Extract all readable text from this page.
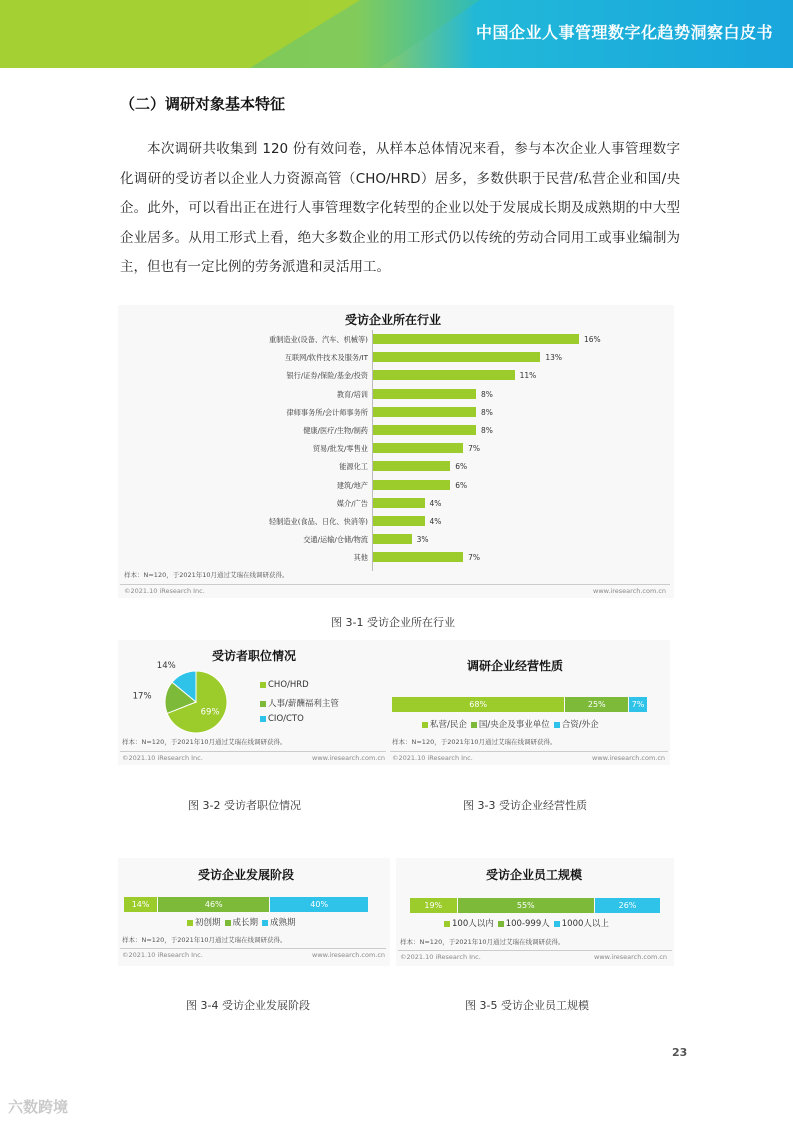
中国企业人事管理数字化趋势洞察白皮书
（二）调研对象基本特征

本次调研共收集到 120 份有效问卷，从样本总体情况来看，参与本次企业人事管理数字化调研的受访者以企业人力资源高管（CHO/HRD）居多，多数供职于民营/私营企业和国/央企。此外，可以看出正在进行人事管理数字化转型的企业以处于发展成长期及成熟期的中大型企业居多。从用工形式上看，绝大多数企业的用工形式仍以传统的劳动合同用工或事业编制为主，但也有一定比例的劳务派遣和灵活用工。

受访企业所在行业
重制造业(设备、汽车、机械等)	16%
互联网/软件技术及服务/IT	13%
银行/证券/保险/基金/投资	11%
教育/培训	8%
律师事务所/会计师事务所	8%
健康/医疗/生物/制药	8%
贸易/批发/零售业	7%
能源化工	6%
建筑/地产	6%
媒介/广告	4%
轻制造业(食品、日化、快消等)	4%
交通/运输/仓储/物流	3%
其他	7%
样本：N=120，于2021年10月通过艾瑞在线调研获得。
©2021.10 iResearch Inc.	www.iresearch.com.cn
图 3-1 受访企业所在行业
受访者职位情况
69%
17%
14%
CHO/HRD
人事/薪酬福利主管
CIO/CTO
样本：N=120，于2021年10月通过艾瑞在线调研获得。
©2021.10 iResearch Inc.	www.iresearch.com.cn
图 3-2 受访者职位情况
调研企业经营性质
68%	25%	7%
私营/民企 国/央企及事业单位 合资/外企
样本：N=120，于2021年10月通过艾瑞在线调研获得。
©2021.10 iResearch Inc.	www.iresearch.com.cn
图 3-3 受访企业经营性质
受访企业发展阶段
14%	46%	40%
初创期 成长期 成熟期
样本：N=120，于2021年10月通过艾瑞在线调研获得。
©2021.10 iResearch Inc.	www.iresearch.com.cn
图 3-4 受访企业发展阶段
受访企业员工规模
19%	55%	26%
100人以内 100-999人 1000人以上
样本：N=120，于2021年10月通过艾瑞在线调研获得。
©2021.10 iResearch Inc.	www.iresearch.com.cn
图 3-5 受访企业员工规模
23
六数跨境
